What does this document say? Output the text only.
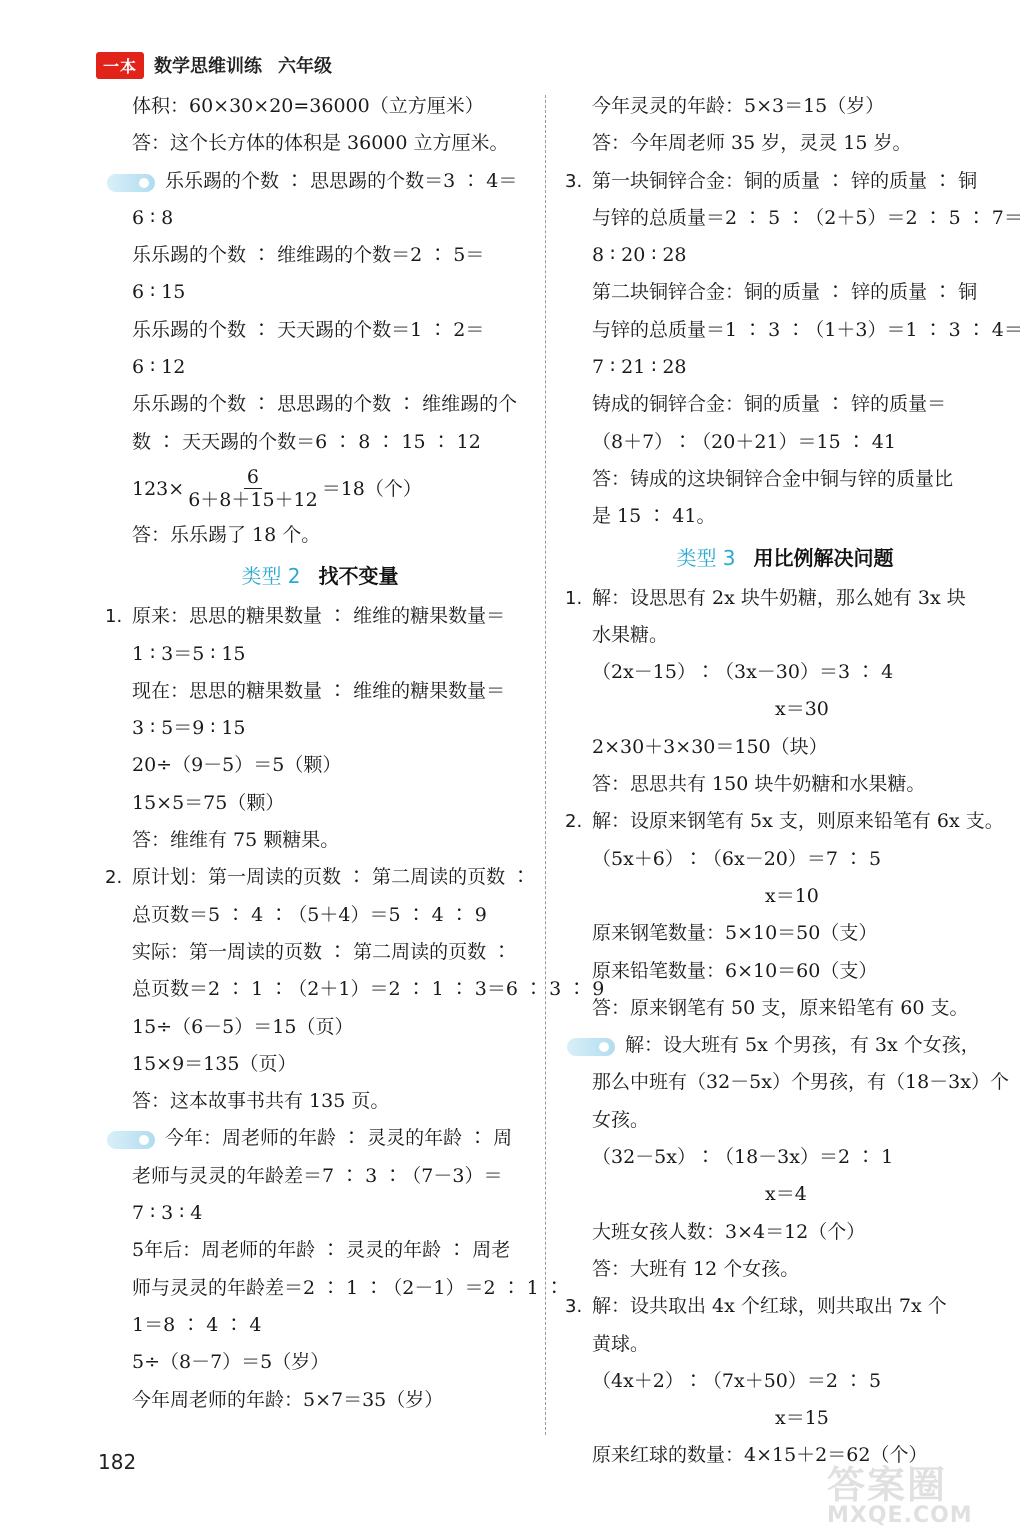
一本 数学思维训练 六年级
体积：60×30×20=36000（立方厘米）
答：这个长方体的体积是 36000 立方厘米。
乐乐踢的个数 ∶ 思思踢的个数＝3 ∶ 4＝
6 ∶ 8
乐乐踢的个数 ∶ 维维踢的个数＝2 ∶ 5＝
6 ∶ 15
乐乐踢的个数 ∶ 天天踢的个数＝1 ∶ 2＝
6 ∶ 12
乐乐踢的个数 ∶ 思思踢的个数 ∶ 维维踢的个
数 ∶ 天天踢的个数＝6 ∶ 8 ∶ 15 ∶ 12
$123\times \frac{6}{6+8+15+12} =18$（个）
答：乐乐踢了 18 个。
类型 2 找不变量
1. 原来：思思的糖果数量 ∶ 维维的糖果数量＝
1 ∶ 3＝5 ∶ 15
现在：思思的糖果数量 ∶ 维维的糖果数量＝
3 ∶ 5＝9 ∶ 15
20÷（9－5）＝5（颗）
15×5＝75（颗）
答：维维有 75 颗糖果。
2. 原计划：第一周读的页数 ∶ 第二周读的页数 ∶
总页数＝5 ∶ 4 ∶（5＋4）＝5 ∶ 4 ∶ 9
实际：第一周读的页数 ∶ 第二周读的页数 ∶
总页数＝2 ∶ 1 ∶（2＋1）＝2 ∶ 1 ∶ 3＝6 ∶ 3 ∶ 9
15÷（6－5）＝15（页）
15×9＝135（页）
答：这本故事书共有 135 页。
今年：周老师的年龄 ∶ 灵灵的年龄 ∶ 周
老师与灵灵的年龄差＝7 ∶ 3 ∶（7－3）＝
7 ∶ 3 ∶ 4
5年后：周老师的年龄 ∶ 灵灵的年龄 ∶ 周老
师与灵灵的年龄差＝2 ∶ 1 ∶（2－1）＝2 ∶ 1 ∶
1＝8 ∶ 4 ∶ 4
5÷（8－7）＝5（岁）
今年周老师的年龄：5×7＝35（岁）
今年灵灵的年龄：5×3＝15（岁）
答：今年周老师 35 岁，灵灵 15 岁。
3. 第一块铜锌合金：铜的质量 ∶ 锌的质量 ∶ 铜
与锌的总质量＝2 ∶ 5 ∶（2＋5）＝2 ∶ 5 ∶ 7＝
8 ∶ 20 ∶ 28
第二块铜锌合金：铜的质量 ∶ 锌的质量 ∶ 铜
与锌的总质量＝1 ∶ 3 ∶（1＋3）＝1 ∶ 3 ∶ 4＝
7 ∶ 21 ∶ 28
铸成的铜锌合金：铜的质量 ∶ 锌的质量＝
（8＋7）∶（20＋21）＝15 ∶ 41
答：铸成的这块铜锌合金中铜与锌的质量比
是 15 ∶ 41。
类型 3 用比例解决问题
1. 解：设思思有 2x 块牛奶糖，那么她有 3x 块
水果糖。
（2x－15）∶（3x－30）＝3 ∶ 4
x＝30
2×30＋3×30＝150（块）
答：思思共有 150 块牛奶糖和水果糖。
2. 解：设原来钢笔有 5x 支，则原来铅笔有 6x 支。
（5x＋6）∶（6x－20）＝7 ∶ 5
x＝10
原来钢笔数量：5×10＝50（支）
原来铅笔数量：6×10＝60（支）
答：原来钢笔有 50 支，原来铅笔有 60 支。
解：设大班有 5x 个男孩，有 3x 个女孩，
那么中班有（32－5x）个男孩，有（18－3x）个
女孩。
（32－5x）∶（18－3x）＝2 ∶ 1
x＝4
大班女孩人数：3×4＝12（个）
答：大班有 12 个女孩。
3. 解：设共取出 4x 个红球，则共取出 7x 个
黄球。
（4x＋2）∶（7x＋50）＝2 ∶ 5
x＝15
原来红球的数量：4×15＋2＝62（个）
182
答案圈
MXQE.COM
